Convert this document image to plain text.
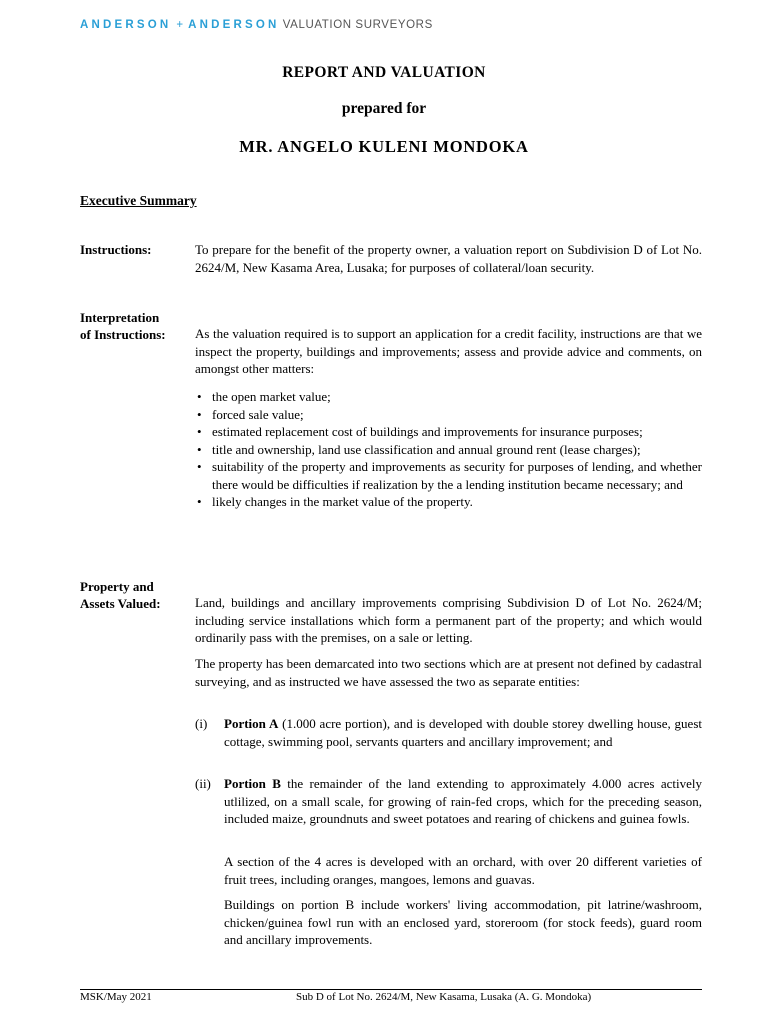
ANDERSON + ANDERSON VALUATION SURVEYORS
REPORT AND VALUATION
prepared for
MR. ANGELO KULENI MONDOKA
Executive Summary
Instructions:	To prepare for the benefit of the property owner, a valuation report on Subdivision D of Lot No. 2624/M, New Kasama Area, Lusaka; for purposes of collateral/loan security.
Interpretation
of Instructions: As the valuation required is to support an application for a credit facility, instructions are that we inspect the property, buildings and improvements; assess and provide advice and comments, on amongst other matters:
• the open market value;
• forced sale value;
• estimated replacement cost of buildings and improvements for insurance purposes;
• title and ownership, land use classification and annual ground rent (lease charges);
• suitability of the property and improvements as security for purposes of lending, and whether there would be difficulties if realization by the a lending institution became necessary; and
• likely changes in the market value of the property.
Property and
Assets Valued:	Land, buildings and ancillary improvements comprising Subdivision D of Lot No. 2624/M; including service installations which form a permanent part of the property; and which would ordinarily pass with the premises, on a sale or letting.
The property has been demarcated into two sections which are at present not defined by cadastral surveying, and as instructed we have assessed the two as separate entities:
(i) Portion A (1.000 acre portion), and is developed with double storey dwelling house, guest cottage, swimming pool, servants quarters and ancillary improvement; and
(ii) Portion B the remainder of the land extending to approximately 4.000 acres actively utlilized, on a small scale, for growing of rain-fed crops, which for the preceding season, included maize, groundnuts and sweet potatoes and rearing of chickens and guinea fowls.
A section of the 4 acres is developed with an orchard, with over 20 different varieties of fruit trees, including oranges, mangoes, lemons and guavas.
Buildings on portion B include workers' living accommodation, pit latrine/washroom, chicken/guinea fowl run with an enclosed yard, storeroom (for stock feeds), guard room and ancillary improvements.
MSK/May 2021	Sub D of Lot No. 2624/M, New Kasama, Lusaka (A. G. Mondoka)
